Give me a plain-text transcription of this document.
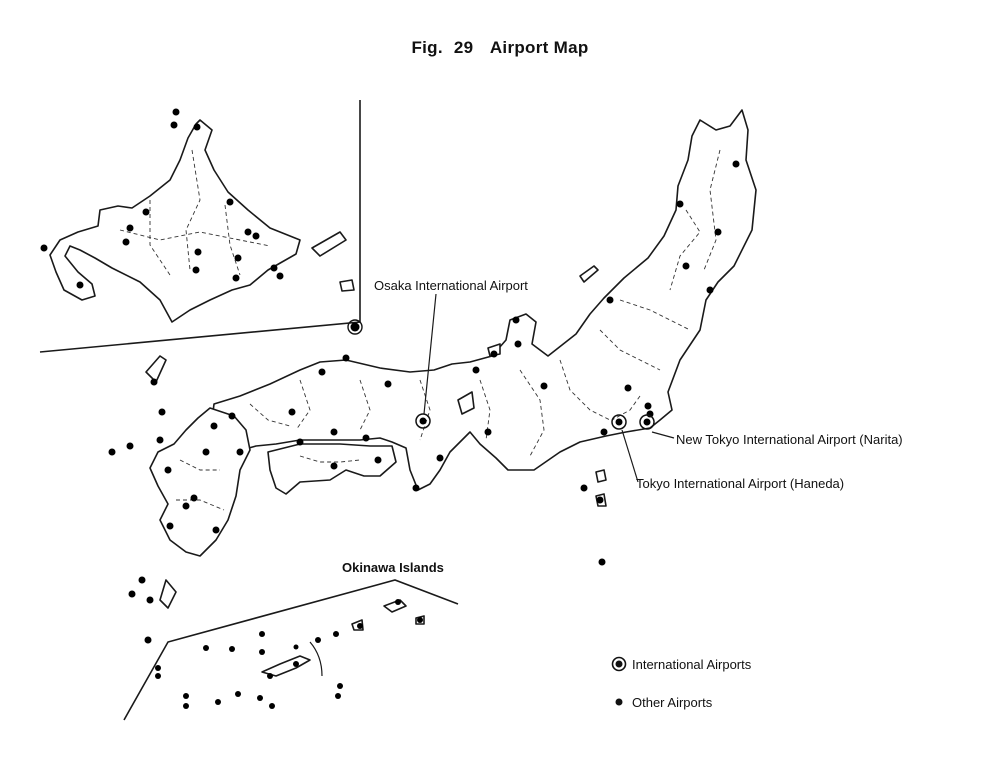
Fig. 29 Airport Map
Osaka International Airport
New Tokyo International Airport (Narita)
Tokyo International Airport (Haneda)
Okinawa Islands
International Airports
Other Airports
